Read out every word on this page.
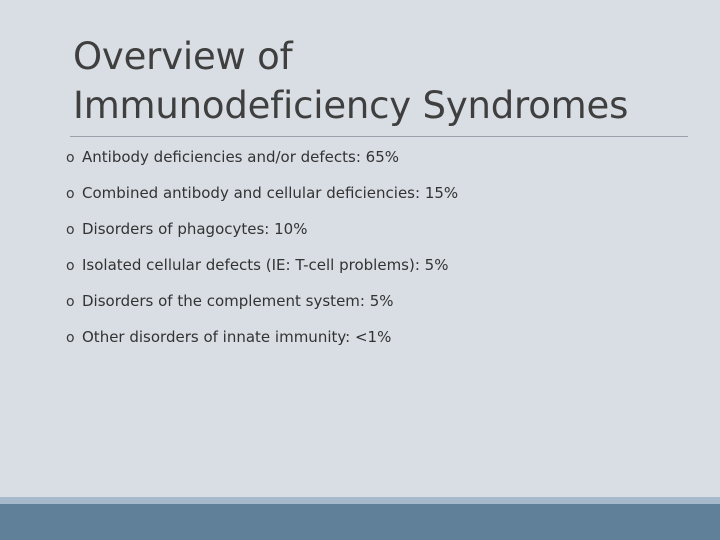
Overview of
Immunodeficiency Syndromes
o Antibody deficiencies and/or defects: 65%
o Combined antibody and cellular deficiencies: 15%
o Disorders of phagocytes: 10%
o Isolated cellular defects (IE: T-cell problems): 5%
o Disorders of the complement system: 5%
o Other disorders of innate immunity: <1%
